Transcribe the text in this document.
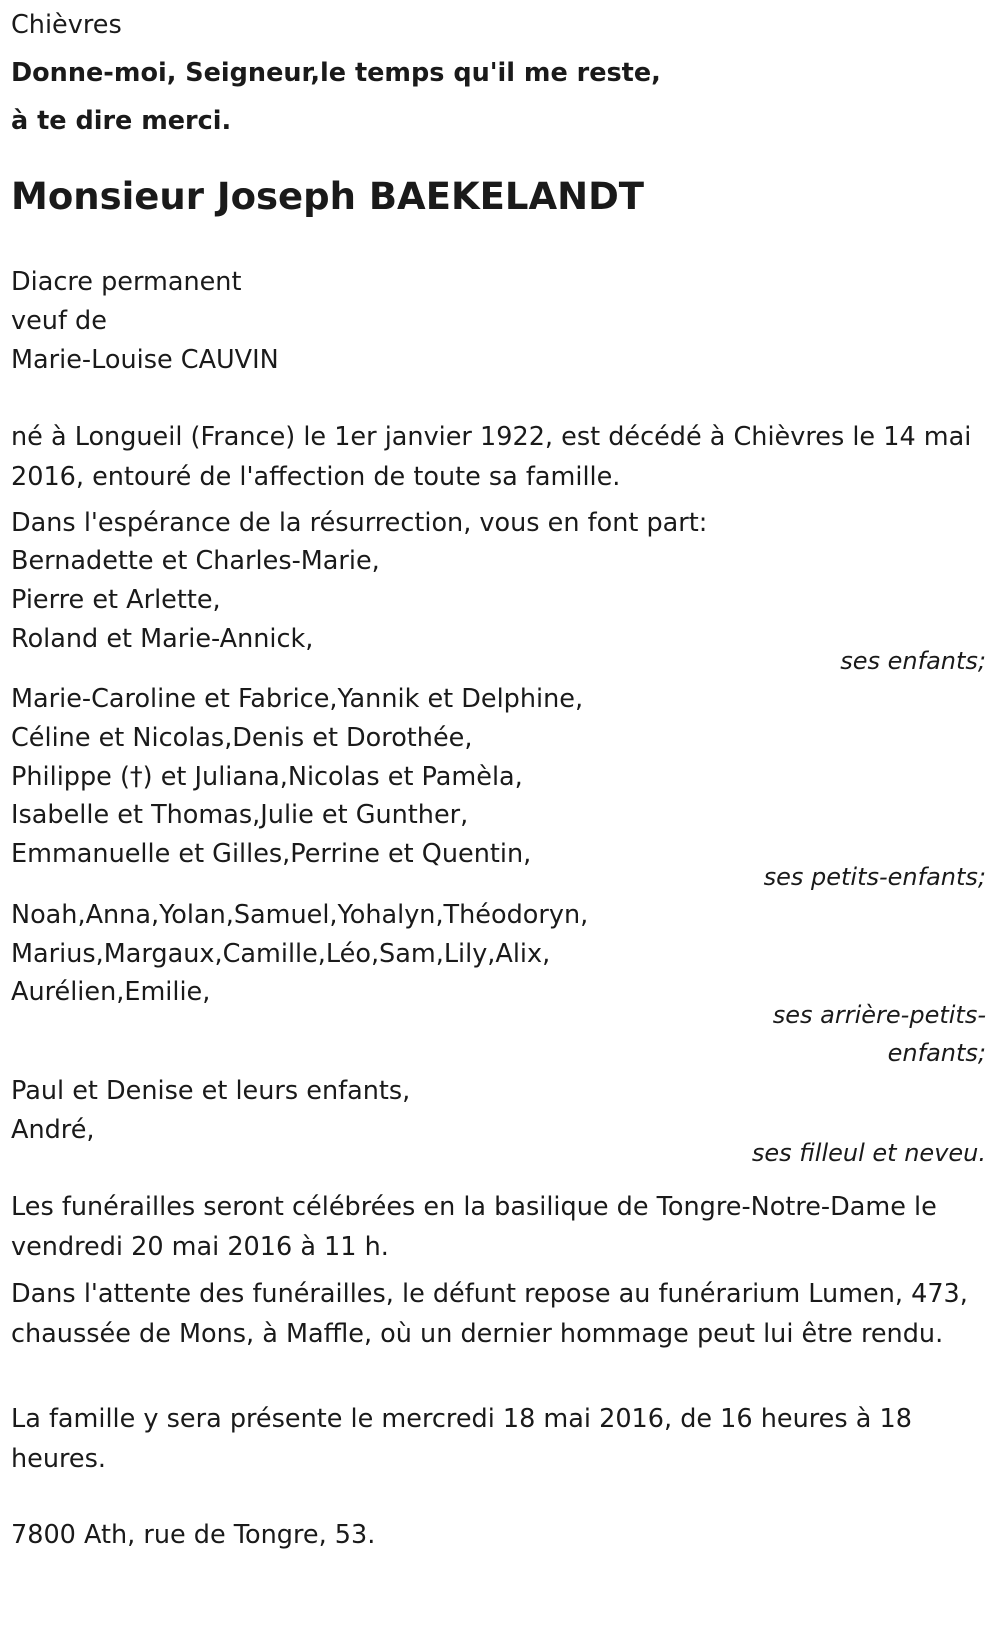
Chièvres
Donne-moi, Seigneur,le temps qu'il me reste,
à te dire merci.
Monsieur Joseph BAEKELANDT
Diacre permanent
veuf de
Marie-Louise CAUVIN
né à Longueil (France) le 1er janvier 1922, est décédé à Chièvres le 14 mai 2016, entouré de l'affection de toute sa famille.
Dans l'espérance de la résurrection, vous en font part:
Bernadette et Charles-Marie,
Pierre et Arlette,
Roland et Marie-Annick,
ses enfants;
Marie-Caroline et Fabrice,Yannik et Delphine,
Céline et Nicolas,Denis et Dorothée,
Philippe (†) et Juliana,Nicolas et Pamèla,
Isabelle et Thomas,Julie et Gunther,
Emmanuelle et Gilles,Perrine et Quentin,
ses petits-enfants;
Noah,Anna,Yolan,Samuel,Yohalyn,Théodoryn,
Marius,Margaux,Camille,Léo,Sam,Lily,Alix,
Aurélien,Emilie,
ses arrière-petits-
enfants;
Paul et Denise et leurs enfants,
André,
ses filleul et neveu.
Les funérailles seront célébrées en la basilique de Tongre-Notre-Dame le vendredi 20 mai 2016 à 11 h.
Dans l'attente des funérailles, le défunt repose au funérarium Lumen, 473, chaussée de Mons, à Maffle, où un dernier hommage peut lui être rendu.
La famille y sera présente le mercredi 18 mai 2016, de 16 heures à 18 heures.
7800 Ath, rue de Tongre, 53.
